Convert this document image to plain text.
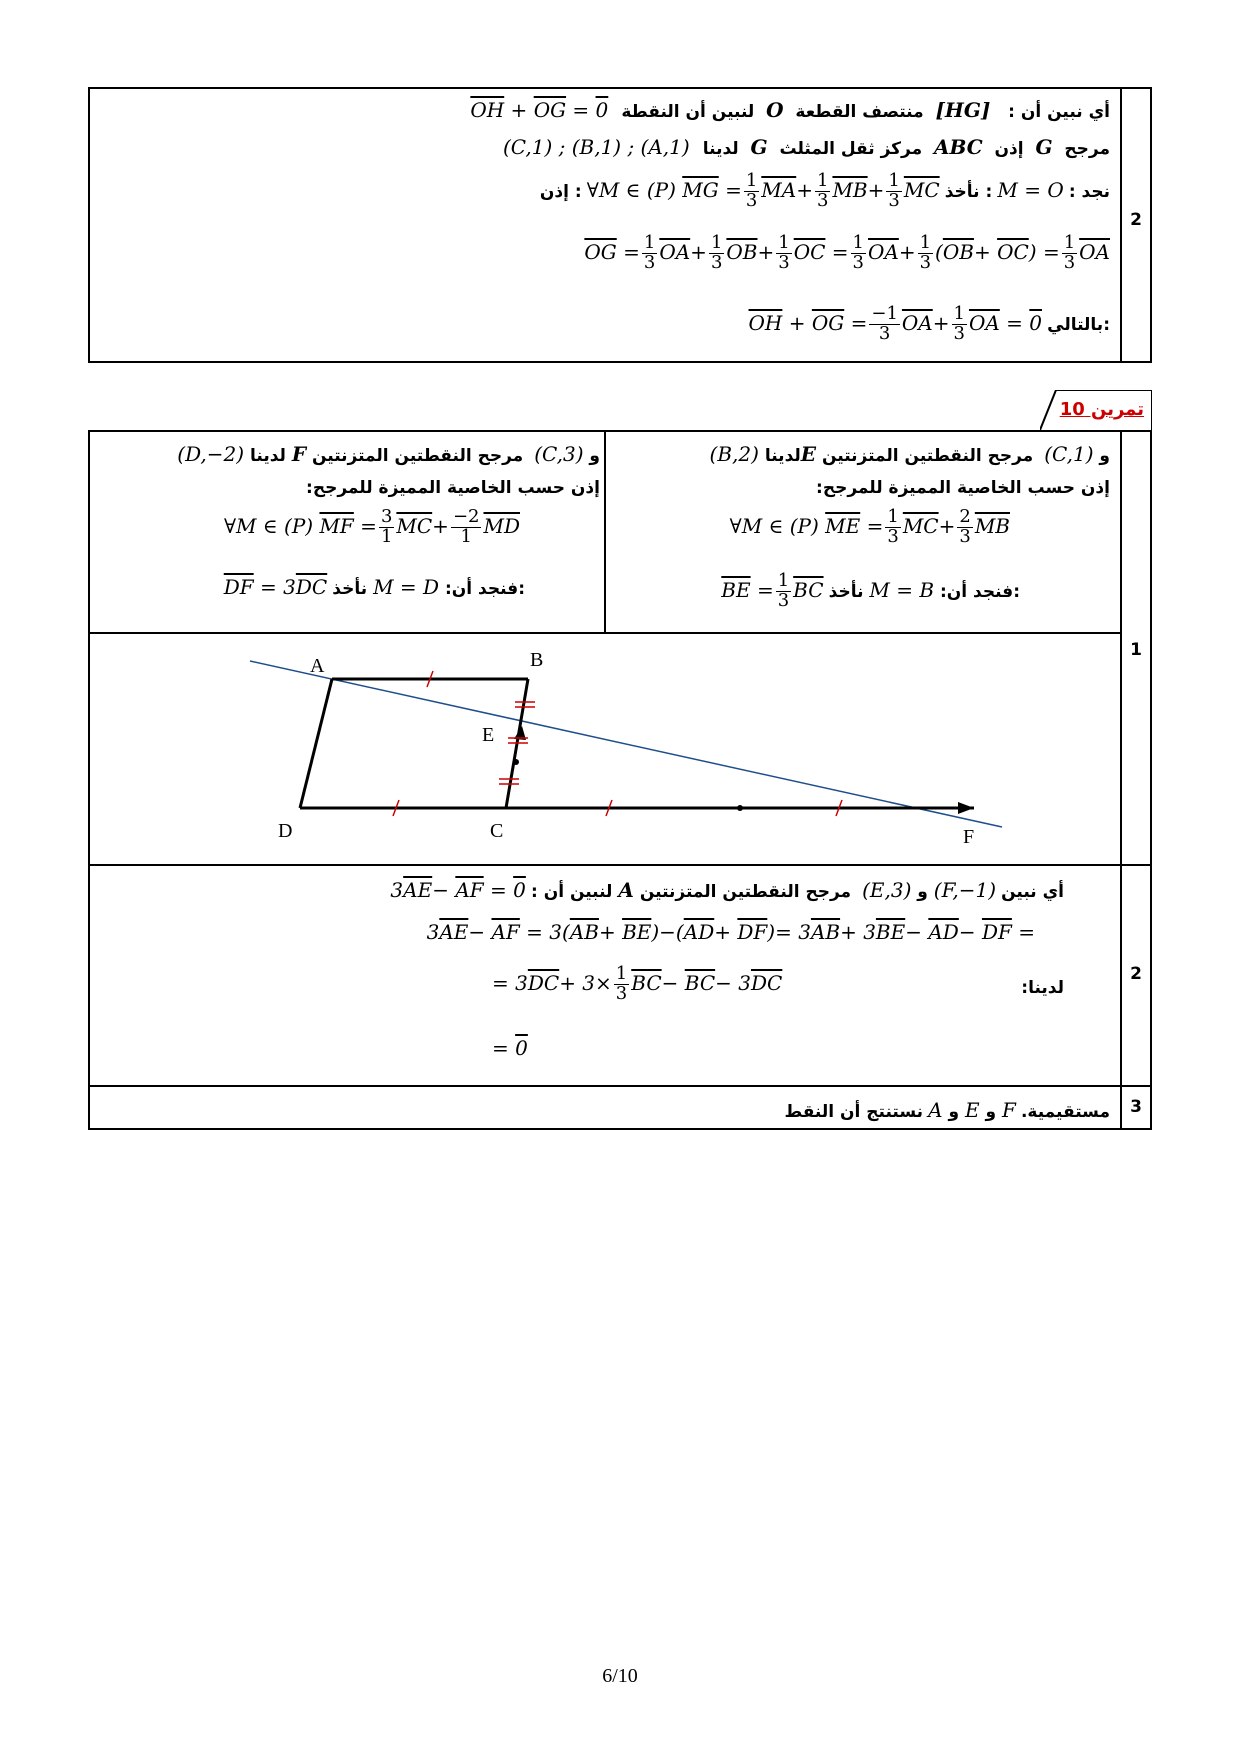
2
$\overline{OH} + \overline{OG} = 0$	أي نبين أن :   [HG]  منتصف القطعة  O  لنبين أن النقطة
(C,1) ; (B,1) ; (A,1)	مرجح  G  إذن  ABC  مركز ثقل المثلث  G  لدينا
نجد : M = O : نأخذ ∀M ∈ (P) $\overline{MG} = \frac{1}{3} \overline{MA}+ \frac{1}{3} \overline{MB}+ \frac{1}{3} \overline{MC}$ : إذن
$\overline{OG} = \frac{1}{3} \overline{OA}+ \frac{1}{3} \overline{OB}+ \frac{1}{3} \overline{OC} = \frac{1}{3} \overline{OA}+ \frac{1}{3} (\overline{OB}+ \overline{OC}) = \frac{1}{3} \overline{OA}$
$\overline{OH} + \overline{OG} = \frac{-1}{3} \overline{OA}+ \frac{1}{3} \overline{OA} = 0$ بالتالي:
تمرين 10
1
2
3
(B,2) و (C,1)  مرجح النقطتين المتزنتين Eلدينا
إذن حسب الخاصية المميزة للمرجح:
∀M ∈ (P) $\overline{ME} = \frac{1}{3} \overline{MC}+ \frac{2}{3} \overline{MB}$
$\overline{BE} = \frac{1}{3} \overline{BC}$	فنجد أن: M = B نأخذ:
(D,−2) و (C,3)  مرجح النقطتين المتزنتين F لدينا
إذن حسب الخاصية المميزة للمرجح:
∀M ∈ (P) $\overline{MF} = \frac{3}{1} \overline{MC}+ \frac{-2}{1} \overline{MD}$
$\overline{DF} = 3\overline{DC}$	فنجد أن: M = D نأخذ:
A	B
E
D	C	F
$3\overline{AE}- \overline{AF} = 0$ : أي نبين (F,−1) و (E,3)  مرجح النقطتين المتزنتين A لنبين أن
$3\overline{AE}- \overline{AF} = 3(\overline{AB}+ \overline{BE})-(\overline{AD}+ \overline{DF})= 3\overline{AB}+ 3\overline{BE}- \overline{AD}- \overline{DF}$ =
لدينا:
= $3\overline{DC}+ 3\times \frac{1}{3} \overline{BC}- \overline{BC}- 3\overline{DC}$
= 0
مستقيمية. F و E و A نستنتج أن النقط
6/10
